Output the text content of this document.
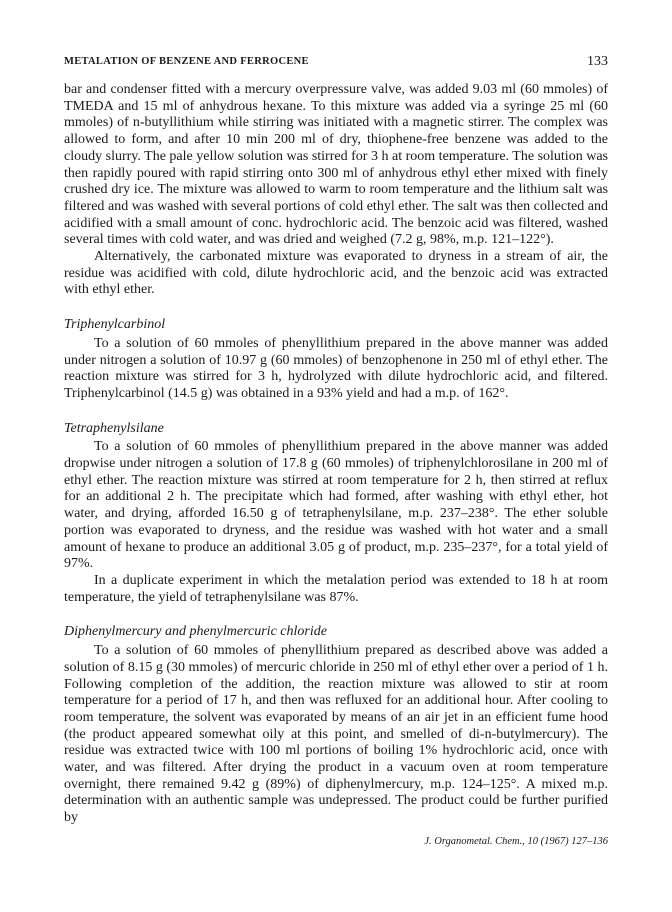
METALATION OF BENZENE AND FERROCENE	133

bar and condenser fitted with a mercury overpressure valve, was added 9.03 ml (60 mmoles) of TMEDA and 15 ml of anhydrous hexane. To this mixture was added via a syringe 25 ml (60 mmoles) of n-butyllithium while stirring was initiated with a magnetic stirrer. The complex was allowed to form, and after 10 min 200 ml of dry, thiophene-free benzene was added to the cloudy slurry. The pale yellow solution was stirred for 3 h at room temperature. The solution was then rapidly poured with rapid stirring onto 300 ml of anhydrous ethyl ether mixed with finely crushed dry ice. The mixture was allowed to warm to room temperature and the lithium salt was filtered and was washed with several portions of cold ethyl ether. The salt was then collected and acidified with a small amount of conc. hydrochloric acid. The benzoic acid was filtered, washed several times with cold water, and was dried and weighed (7.2 g, 98%, m.p. 121–122°).

Alternatively, the carbonated mixture was evaporated to dryness in a stream of air, the residue was acidified with cold, dilute hydrochloric acid, and the benzoic acid was extracted with ethyl ether.

Triphenylcarbinol

To a solution of 60 mmoles of phenyllithium prepared in the above manner was added under nitrogen a solution of 10.97 g (60 mmoles) of benzophenone in 250 ml of ethyl ether. The reaction mixture was stirred for 3 h, hydrolyzed with dilute hydrochloric acid, and filtered. Triphenylcarbinol (14.5 g) was obtained in a 93% yield and had a m.p. of 162°.

Tetraphenylsilane

To a solution of 60 mmoles of phenyllithium prepared in the above manner was added dropwise under nitrogen a solution of 17.8 g (60 mmoles) of triphenylchlorosilane in 200 ml of ethyl ether. The reaction mixture was stirred at room temperature for 2 h, then stirred at reflux for an additional 2 h. The precipitate which had formed, after washing with ethyl ether, hot water, and drying, afforded 16.50 g of tetraphenylsilane, m.p. 237–238°. The ether soluble portion was evaporated to dryness, and the residue was washed with hot water and a small amount of hexane to produce an additional 3.05 g of product, m.p. 235–237°, for a total yield of 97%.

In a duplicate experiment in which the metalation period was extended to 18 h at room temperature, the yield of tetraphenylsilane was 87%.

Diphenylmercury and phenylmercuric chloride

To a solution of 60 mmoles of phenyllithium prepared as described above was added a solution of 8.15 g (30 mmoles) of mercuric chloride in 250 ml of ethyl ether over a period of 1 h. Following completion of the addition, the reaction mixture was allowed to stir at room temperature for a period of 17 h, and then was refluxed for an additional hour. After cooling to room temperature, the solvent was evaporated by means of an air jet in an efficient fume hood (the product appeared somewhat oily at this point, and smelled of di-n-butylmercury). The residue was extracted twice with 100 ml portions of boiling 1% hydrochloric acid, once with water, and was filtered. After drying the product in a vacuum oven at room temperature overnight, there remained 9.42 g (89%) of diphenylmercury, m.p. 124–125°. A mixed m.p. determination with an authentic sample was undepressed. The product could be further purified by

J. Organometal. Chem., 10 (1967) 127–136
